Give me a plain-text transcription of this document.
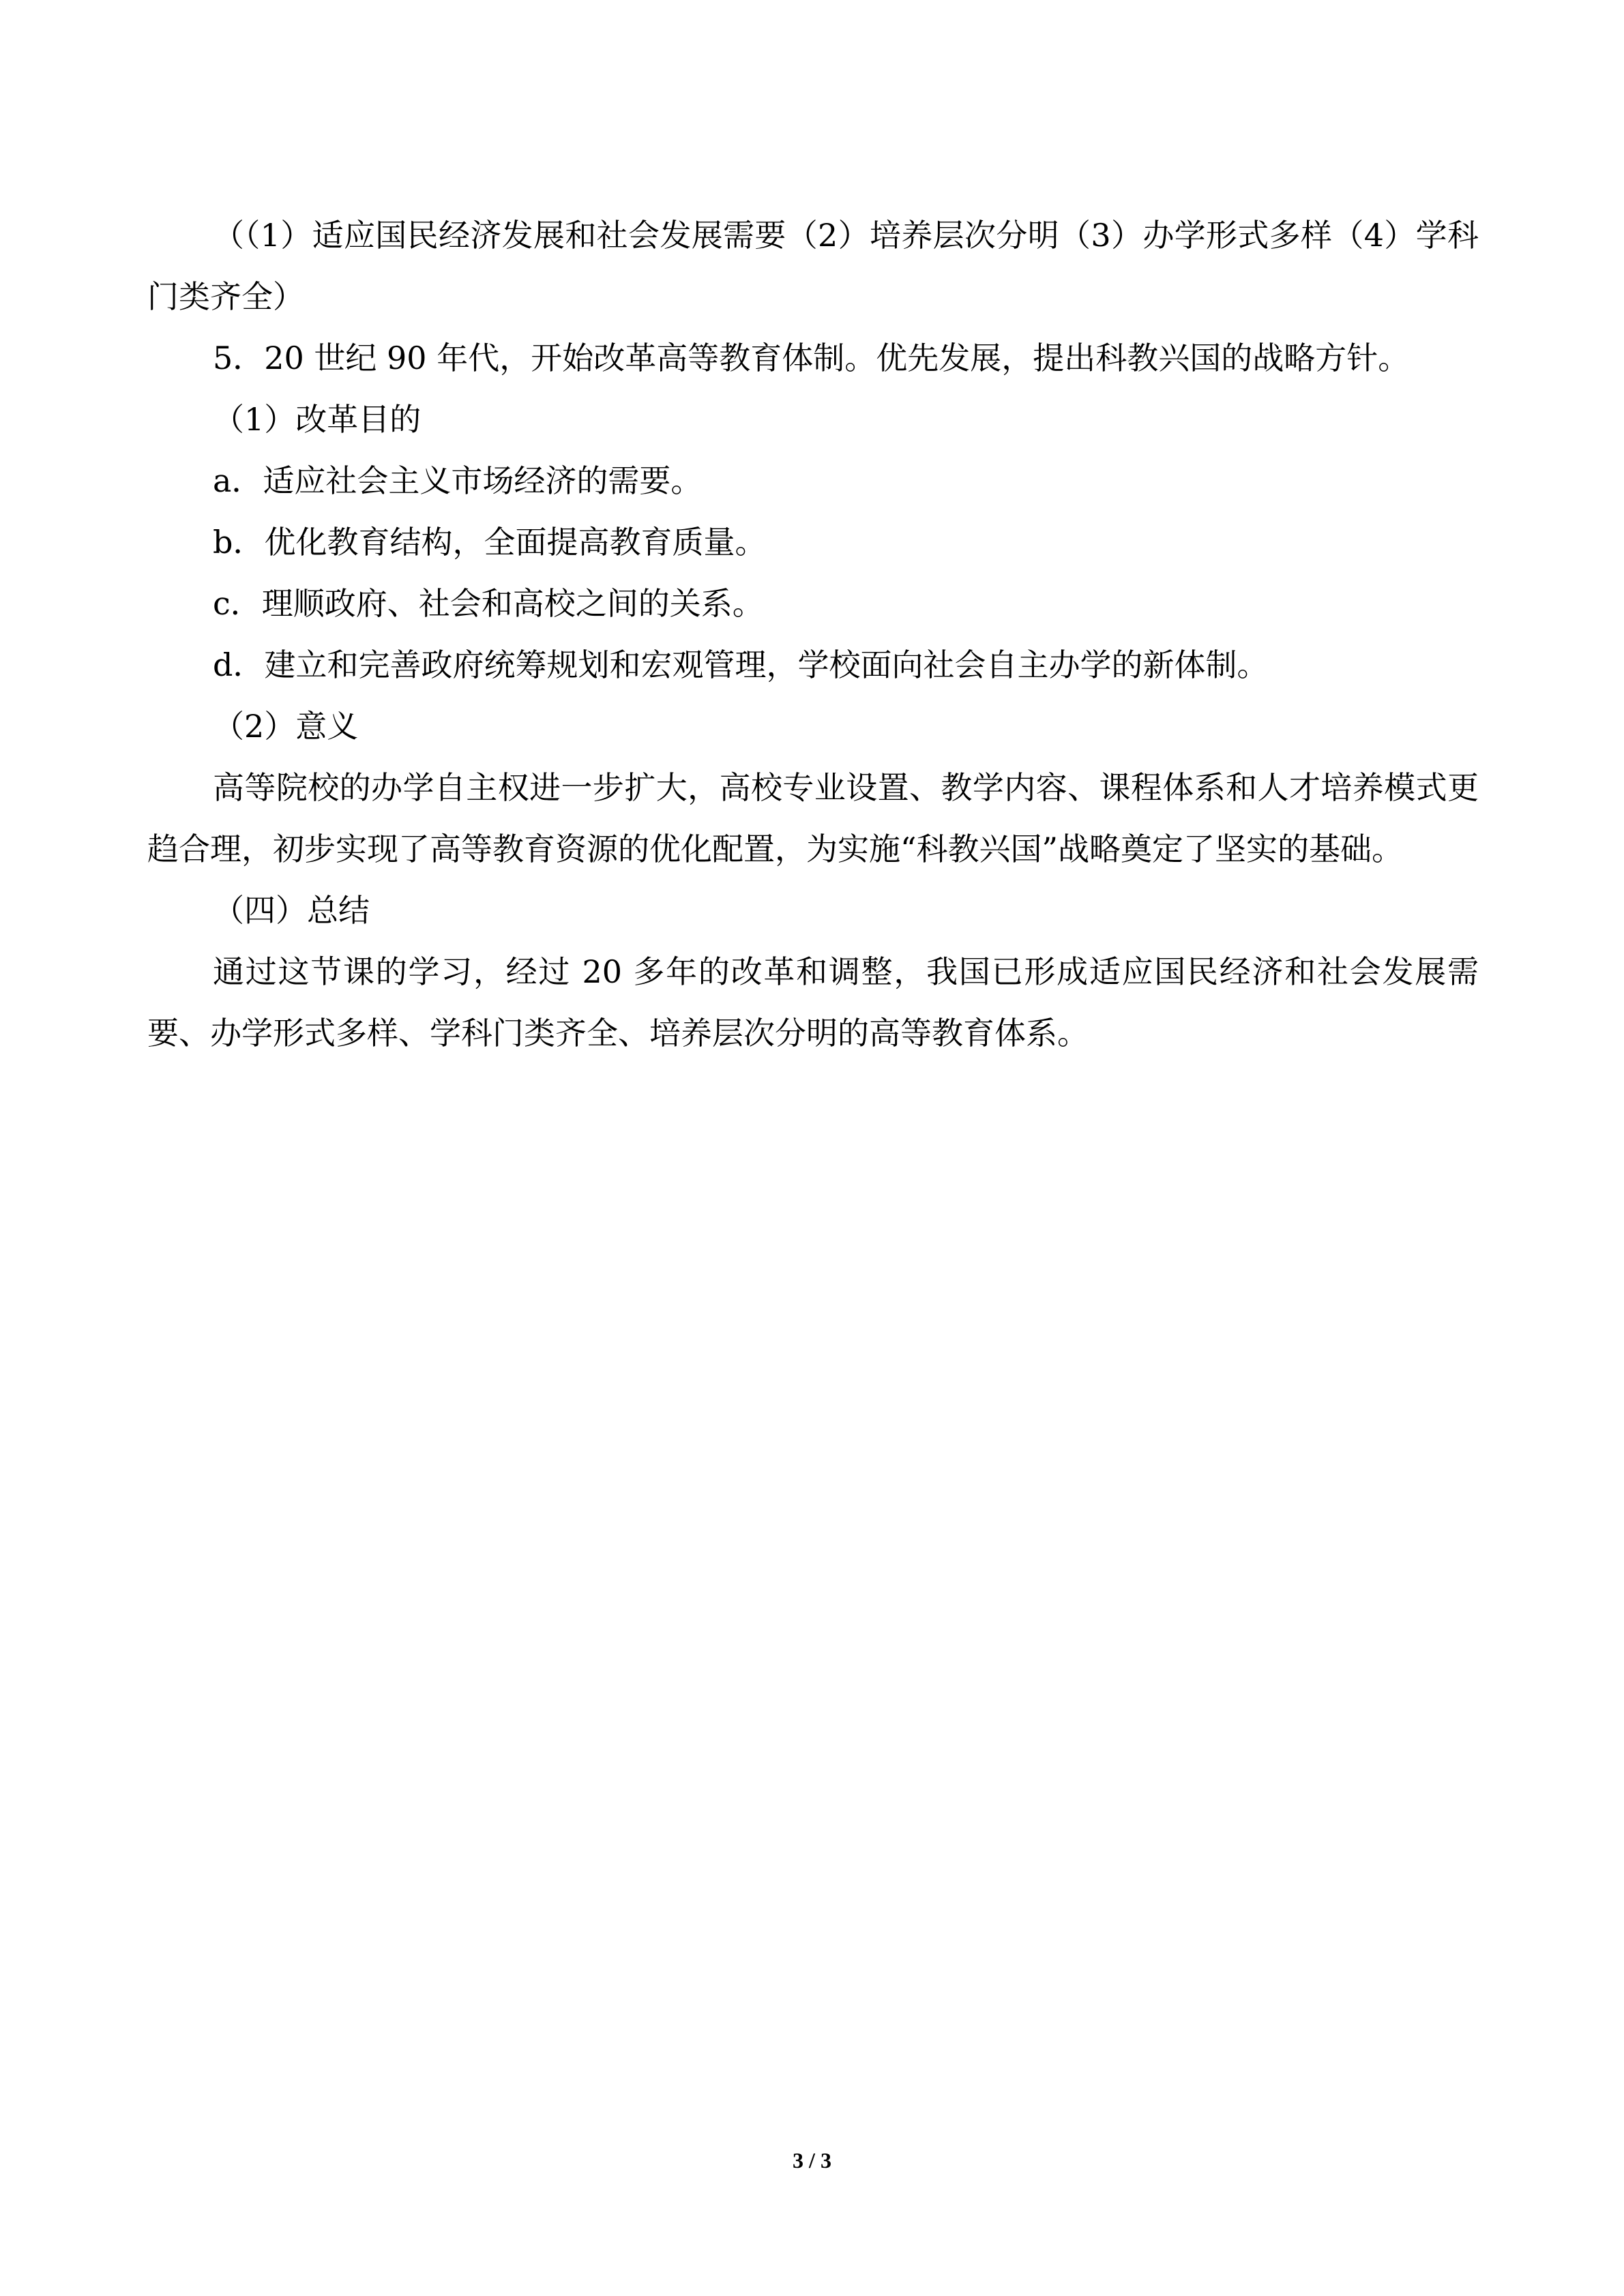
（（1）适应国民经济发展和社会发展需要（2）培养层次分明（3）办学形式多样（4）学科门类齐全）

5．20 世纪 90 年代，开始改革高等教育体制。优先发展，提出科教兴国的战略方针。

（1）改革目的

a．适应社会主义市场经济的需要。

b．优化教育结构，全面提高教育质量。

c．理顺政府、社会和高校之间的关系。

d．建立和完善政府统筹规划和宏观管理，学校面向社会自主办学的新体制。

（2）意义

高等院校的办学自主权进一步扩大，高校专业设置、教学内容、课程体系和人才培养模式更趋合理，初步实现了高等教育资源的优化配置，为实施“科教兴国”战略奠定了坚实的基础。

（四）总结

通过这节课的学习，经过 20 多年的改革和调整，我国已形成适应国民经济和社会发展需要、办学形式多样、学科门类齐全、培养层次分明的高等教育体系。

3 / 3
